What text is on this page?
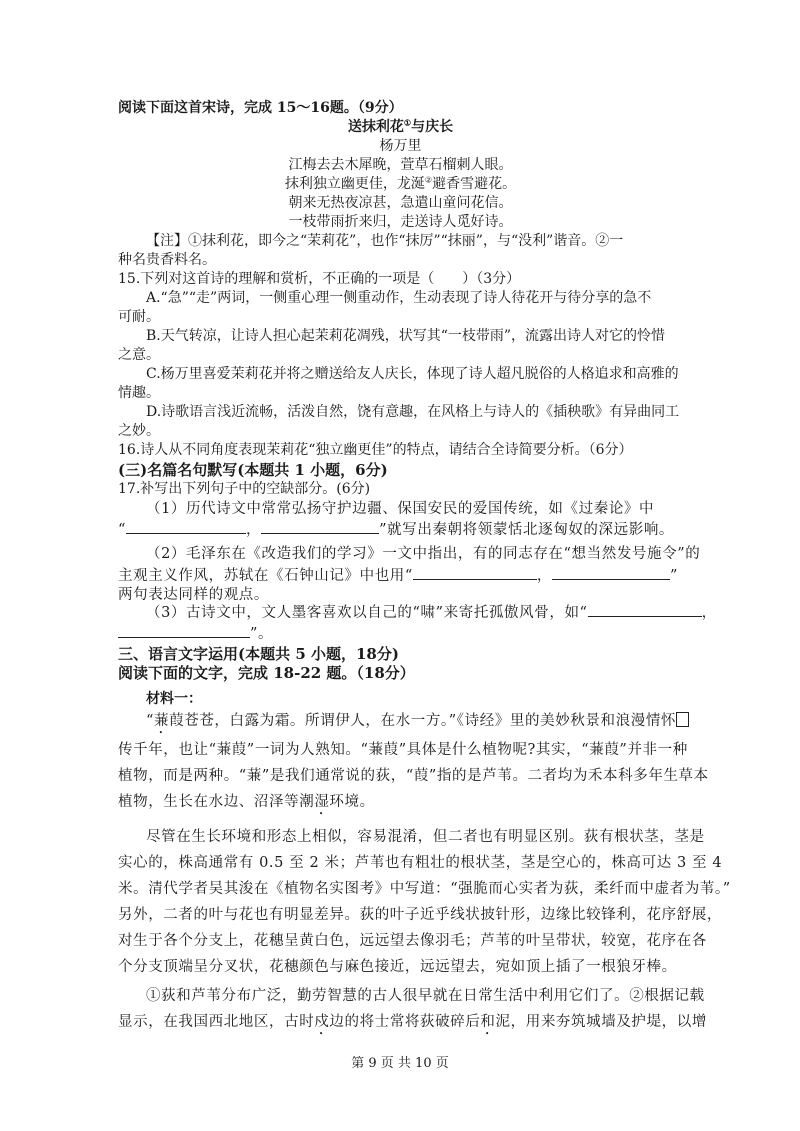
阅读下面这首宋诗，完成 15～16题。（9分）
送抹利花①与庆长
杨万里
江梅去去木犀晚，萱草石榴刺人眼。
抹利独立幽更佳，龙涎②避香雪避花。
朝来无热夜凉甚，急遣山童问花信。
一枝带雨折来归，走送诗人觅好诗。
【注】①抹利花，即今之“茉莉花”，也作“抹厉”“抹丽”，与“没利”谐音。②一
种名贵香料名。
15.下列对这首诗的理解和赏析，不正确的一项是（　　）（3分）
A.“急”“走”两词，一侧重心理一侧重动作，生动表现了诗人待花开与待分享的急不
可耐。
B.天气转凉，让诗人担心起茉莉花凋残，状写其“一枝带雨”，流露出诗人对它的怜惜
之意。
C.杨万里喜爱茉莉花并将之赠送给友人庆长，体现了诗人超凡脱俗的人格追求和高雅的
情趣。
D.诗歌语言浅近流畅，活泼自然，饶有意趣，在风格上与诗人的《插秧歌》有异曲同工
之妙。
16.诗人从不同角度表现茉莉花“独立幽更佳”的特点，请结合全诗简要分析。（6分）
(三)名篇名句默写(本题共 1 小题，6分)
17.补写出下列句子中的空缺部分。(6分)
（1）历代诗文中常常弘扬守护边疆、保国安民的爱国传统，如《过秦论》中
“	，	”就写出秦朝将领蒙恬北逐匈奴的深远影响。
（2）毛泽东在《改造我们的学习》一文中指出，有的同志存在“想当然发号施令”的
主观主义作风，苏轼在《石钟山记》中也用“	，	”
两句表达同样的观点。
（3）古诗文中，文人墨客喜欢以自己的“啸”来寄托孤傲风骨，如“	，
”。
三、语言文字运用(本题共 5 小题，18分)
阅读下面的文字，完成 18-22 题。（18分）
材料一：
“蒹葭苍苍，白露为霜。所谓伊人，在水一方。”《诗经》里的美妙秋景和浪漫情怀
传千年，也让“蒹葭”一词为人熟知。“蒹葭”具体是什么植物呢?其实，“蒹葭”并非一种
植物，而是两种。“蒹”是我们通常说的荻，“葭”指的是芦苇。二者均为禾本科多年生草本
植物，生长在水边、沼泽等潮湿环境。
尽管在生长环境和形态上相似，容易混淆，但二者也有明显区别。荻有根状茎，茎是
实心的，株高通常有 0.5 至 2 米；芦苇也有粗壮的根状茎，茎是空心的，株高可达 3 至 4
米。清代学者吴其浚在《植物名实图考》中写道：“强脆而心实者为荻，柔纤而中虚者为苇。”
另外，二者的叶与花也有明显差异。荻的叶子近乎线状披针形，边缘比较锋利，花序舒展，
对生于各个分支上，花穗呈黄白色，远远望去像羽毛；芦苇的叶呈带状，较宽，花序在各
个分支顶端呈分叉状，花穗颜色与麻色接近，远远望去，宛如顶上插了一根狼牙棒。
①荻和芦苇分布广泛，勤劳智慧的古人很早就在日常生活中利用它们了。②根据记载
显示，在我国西北地区，古时戍边的将士常将荻破碎后和泥，用来夯筑城墙及护堤，以增
第 9 页 共 10 页
